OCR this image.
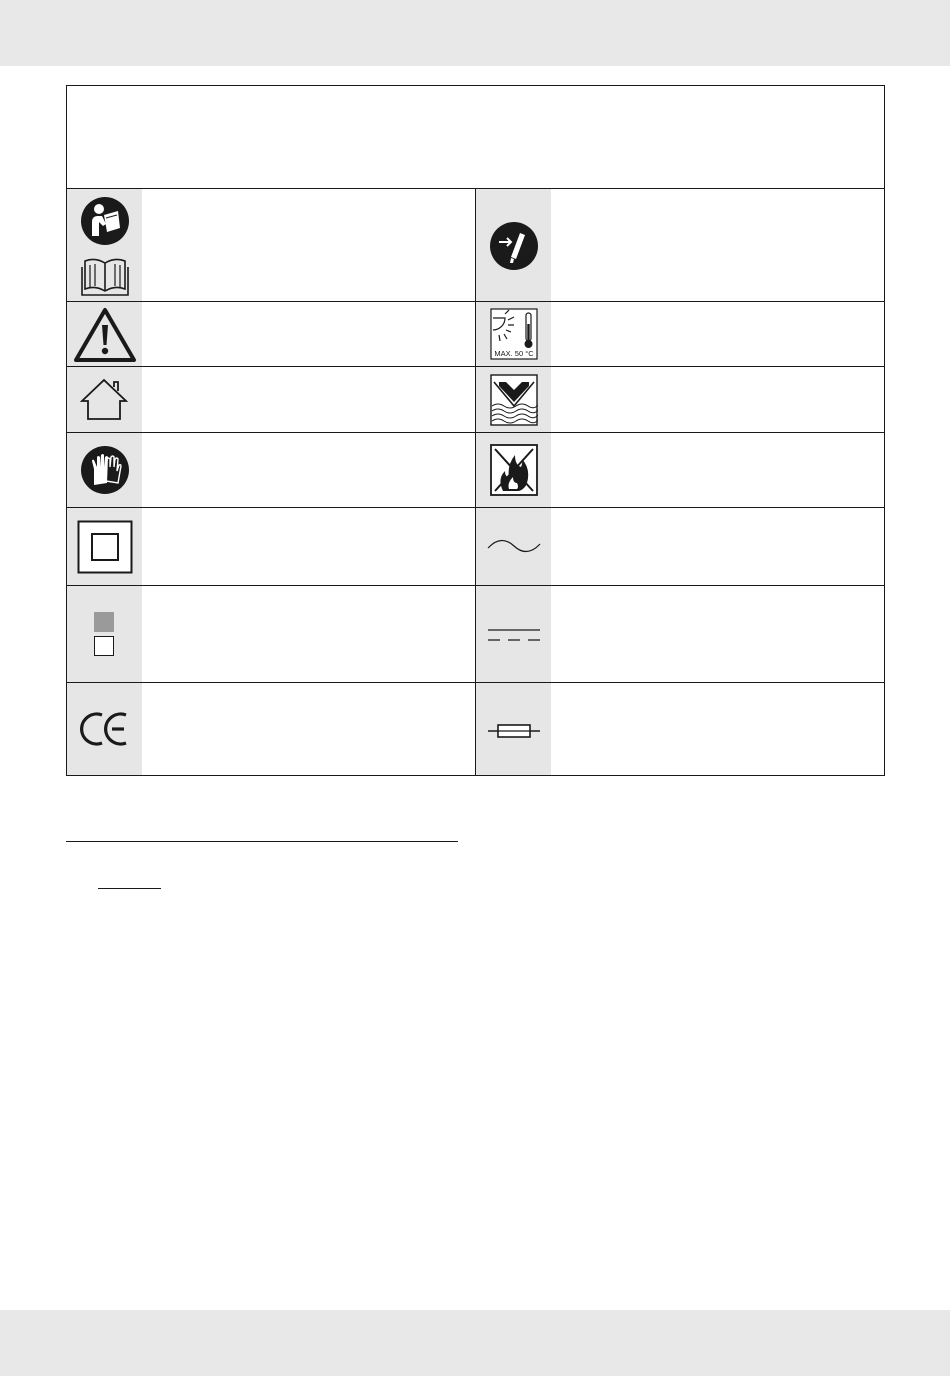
MAX. 50 °C
